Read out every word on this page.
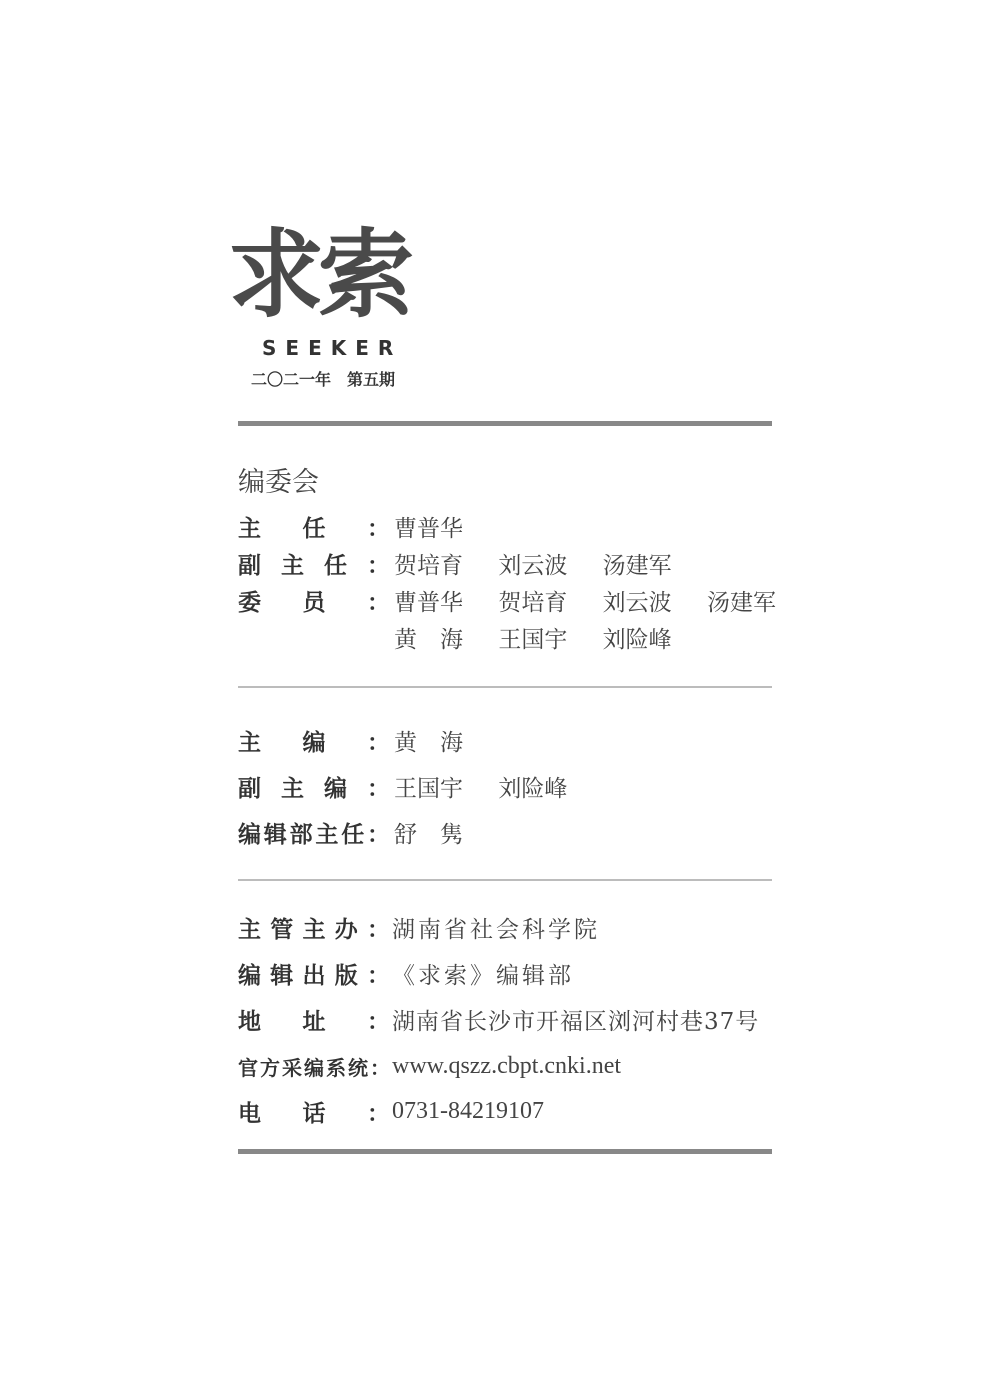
求索
SEEKER
二〇二一年　第五期
编委会
主任： 曹普华
副主任： 贺培育 刘云波 汤建军
委员： 曹普华 贺培育 刘云波 汤建军
黄　海 王国宇 刘险峰
主编： 黄　海
副主编： 王国宇 刘险峰
编辑部主任： 舒　隽
主管主办： 湖南省社会科学院
编辑出版： 《求索》编辑部
地址： 湖南省长沙市开福区浏河村巷37号
官方采编系统： www.qszz.cbpt.cnki.net
电话： 0731-84219107
